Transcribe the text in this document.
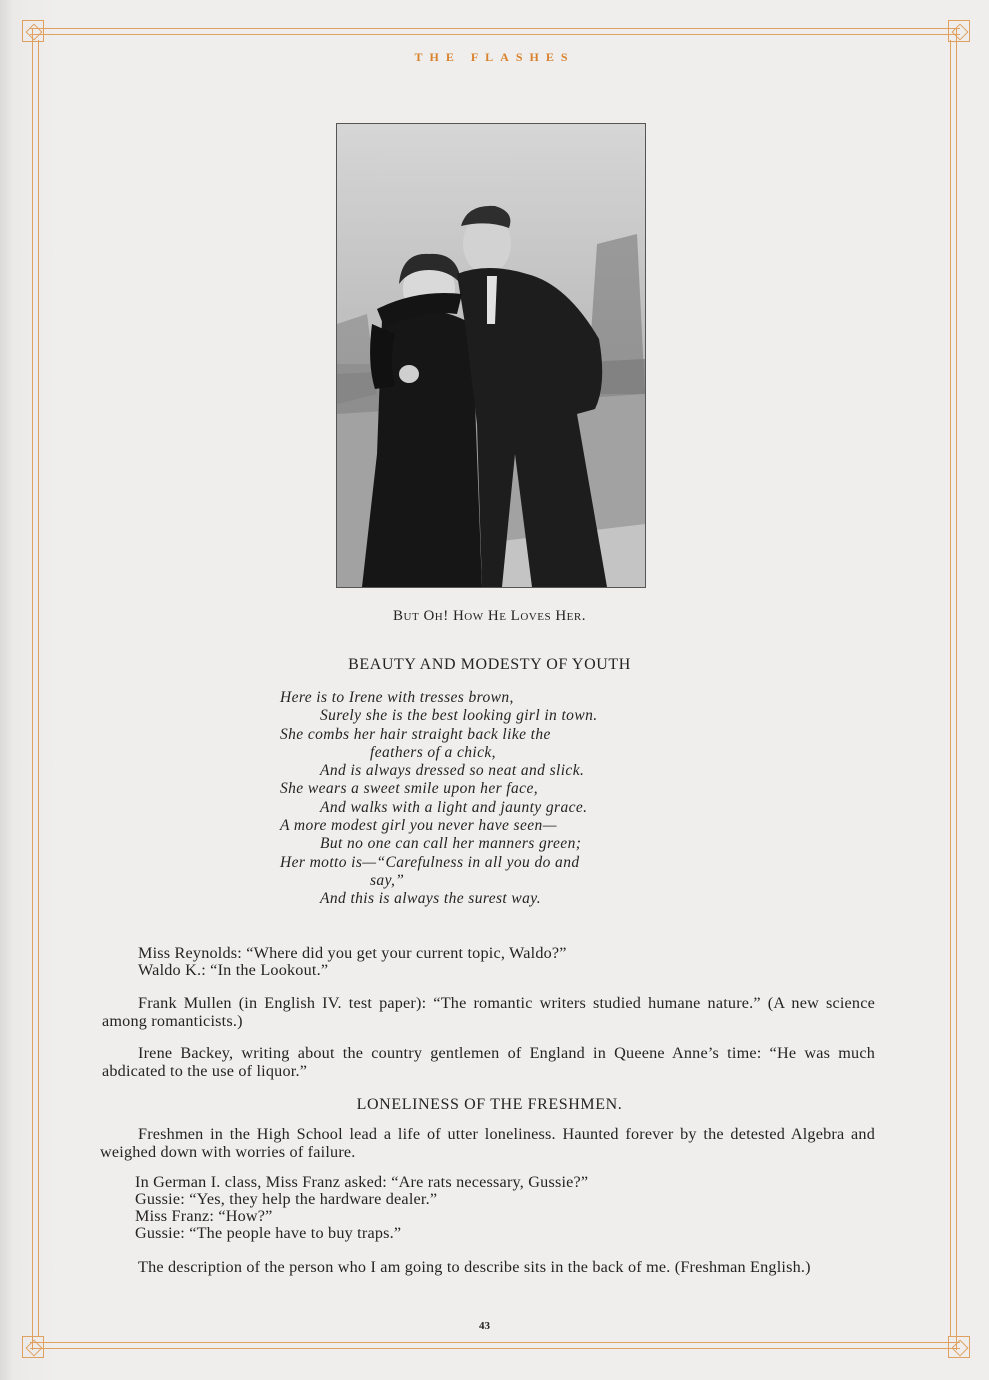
THE FLASHES
But Oh! How He Loves Her.
BEAUTY AND MODESTY OF YOUTH
Here is to Irene with tresses brown,
Surely she is the best looking girl in town.
She combs her hair straight back like the
feathers of a chick,
And is always dressed so neat and slick.
She wears a sweet smile upon her face,
And walks with a light and jaunty grace.
A more modest girl you never have seen—
But no one can call her manners green;
Her motto is—“Carefulness in all you do and
say,”
And this is always the surest way.
Miss Reynolds: “Where did you get your current topic, Waldo?”
Waldo K.: “In the Lookout.”
Frank Mullen (in English IV. test paper): “The romantic writers studied humane nature.” (A new science among romanticists.)
Irene Backey, writing about the country gentlemen of England in Queene Anne’s time: “He was much abdicated to the use of liquor.”
LONELINESS OF THE FRESHMEN.
Freshmen in the High School lead a life of utter loneliness. Haunted forever by the detested Algebra and weighed down with worries of failure.
In German I. class, Miss Franz asked: “Are rats necessary, Gussie?”
Gussie: “Yes, they help the hardware dealer.”
Miss Franz: “How?”
Gussie: “The people have to buy traps.”
The description of the person who I am going to describe sits in the back of me. (Freshman English.)
43
